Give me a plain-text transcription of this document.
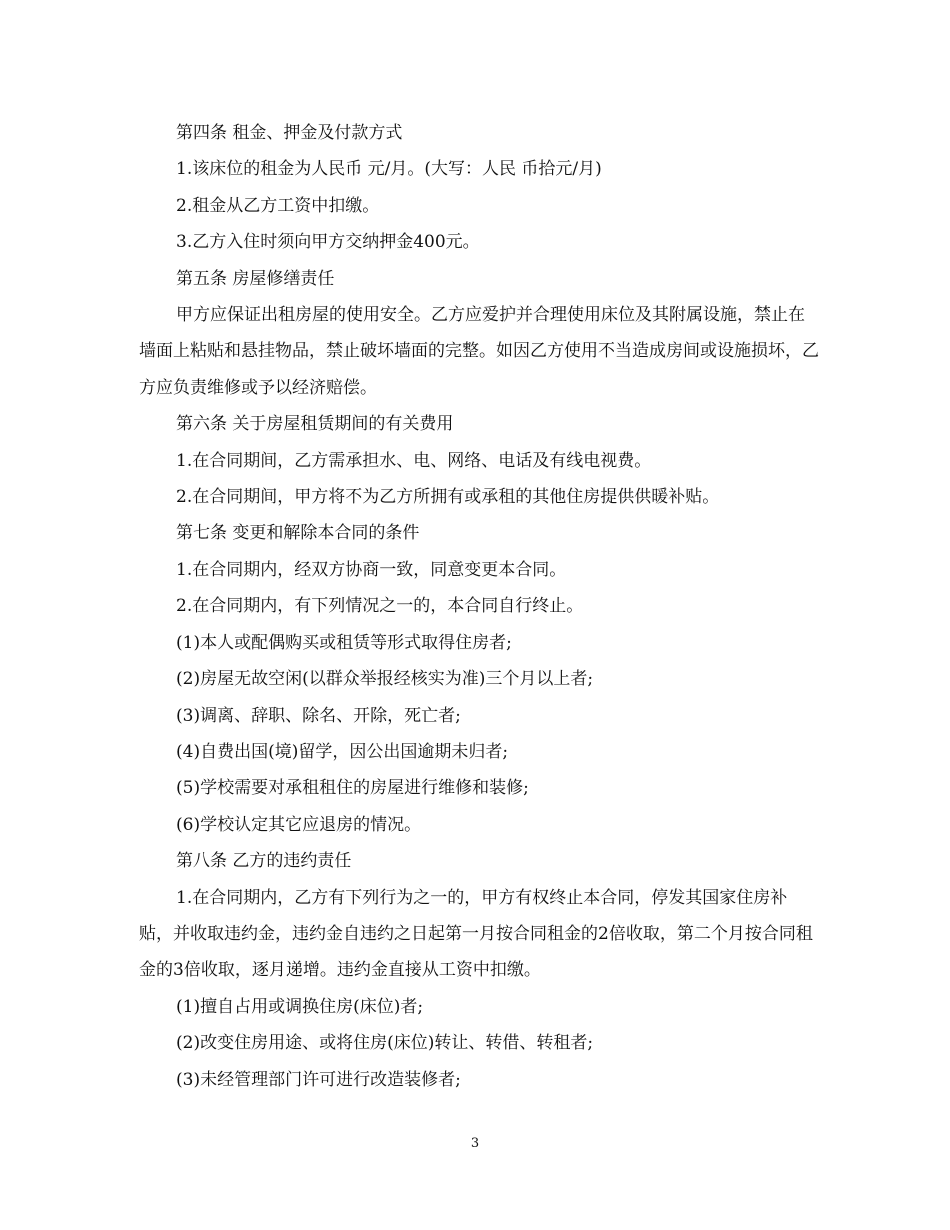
第四条 租金、押金及付款方式

1.该床位的租金为人民币 元/月。(大写：人民 币拾元/月)

2.租金从乙方工资中扣缴。

3.乙方入住时须向甲方交纳押金400元。

第五条 房屋修缮责任

甲方应保证出租房屋的使用安全。乙方应爱护并合理使用床位及其附属设施，禁止在墙面上粘贴和悬挂物品，禁止破坏墙面的完整。如因乙方使用不当造成房间或设施损坏，乙方应负责维修或予以经济赔偿。

第六条 关于房屋租赁期间的有关费用

1.在合同期间，乙方需承担水、电、网络、电话及有线电视费。

2.在合同期间，甲方将不为乙方所拥有或承租的其他住房提供供暖补贴。

第七条 变更和解除本合同的条件

1.在合同期内，经双方协商一致，同意变更本合同。

2.在合同期内，有下列情况之一的，本合同自行终止。

(1)本人或配偶购买或租赁等形式取得住房者;

(2)房屋无故空闲(以群众举报经核实为准)三个月以上者;

(3)调离、辞职、除名、开除，死亡者;

(4)自费出国(境)留学，因公出国逾期未归者;

(5)学校需要对承租租住的房屋进行维修和装修;

(6)学校认定其它应退房的情况。

第八条 乙方的违约责任

1.在合同期内，乙方有下列行为之一的，甲方有权终止本合同，停发其国家住房补贴，并收取违约金，违约金自违约之日起第一月按合同租金的2倍收取，第二个月按合同租金的3倍收取，逐月递增。违约金直接从工资中扣缴。

(1)擅自占用或调换住房(床位)者;

(2)改变住房用途、或将住房(床位)转让、转借、转租者;

(3)未经管理部门许可进行改造装修者;

3
